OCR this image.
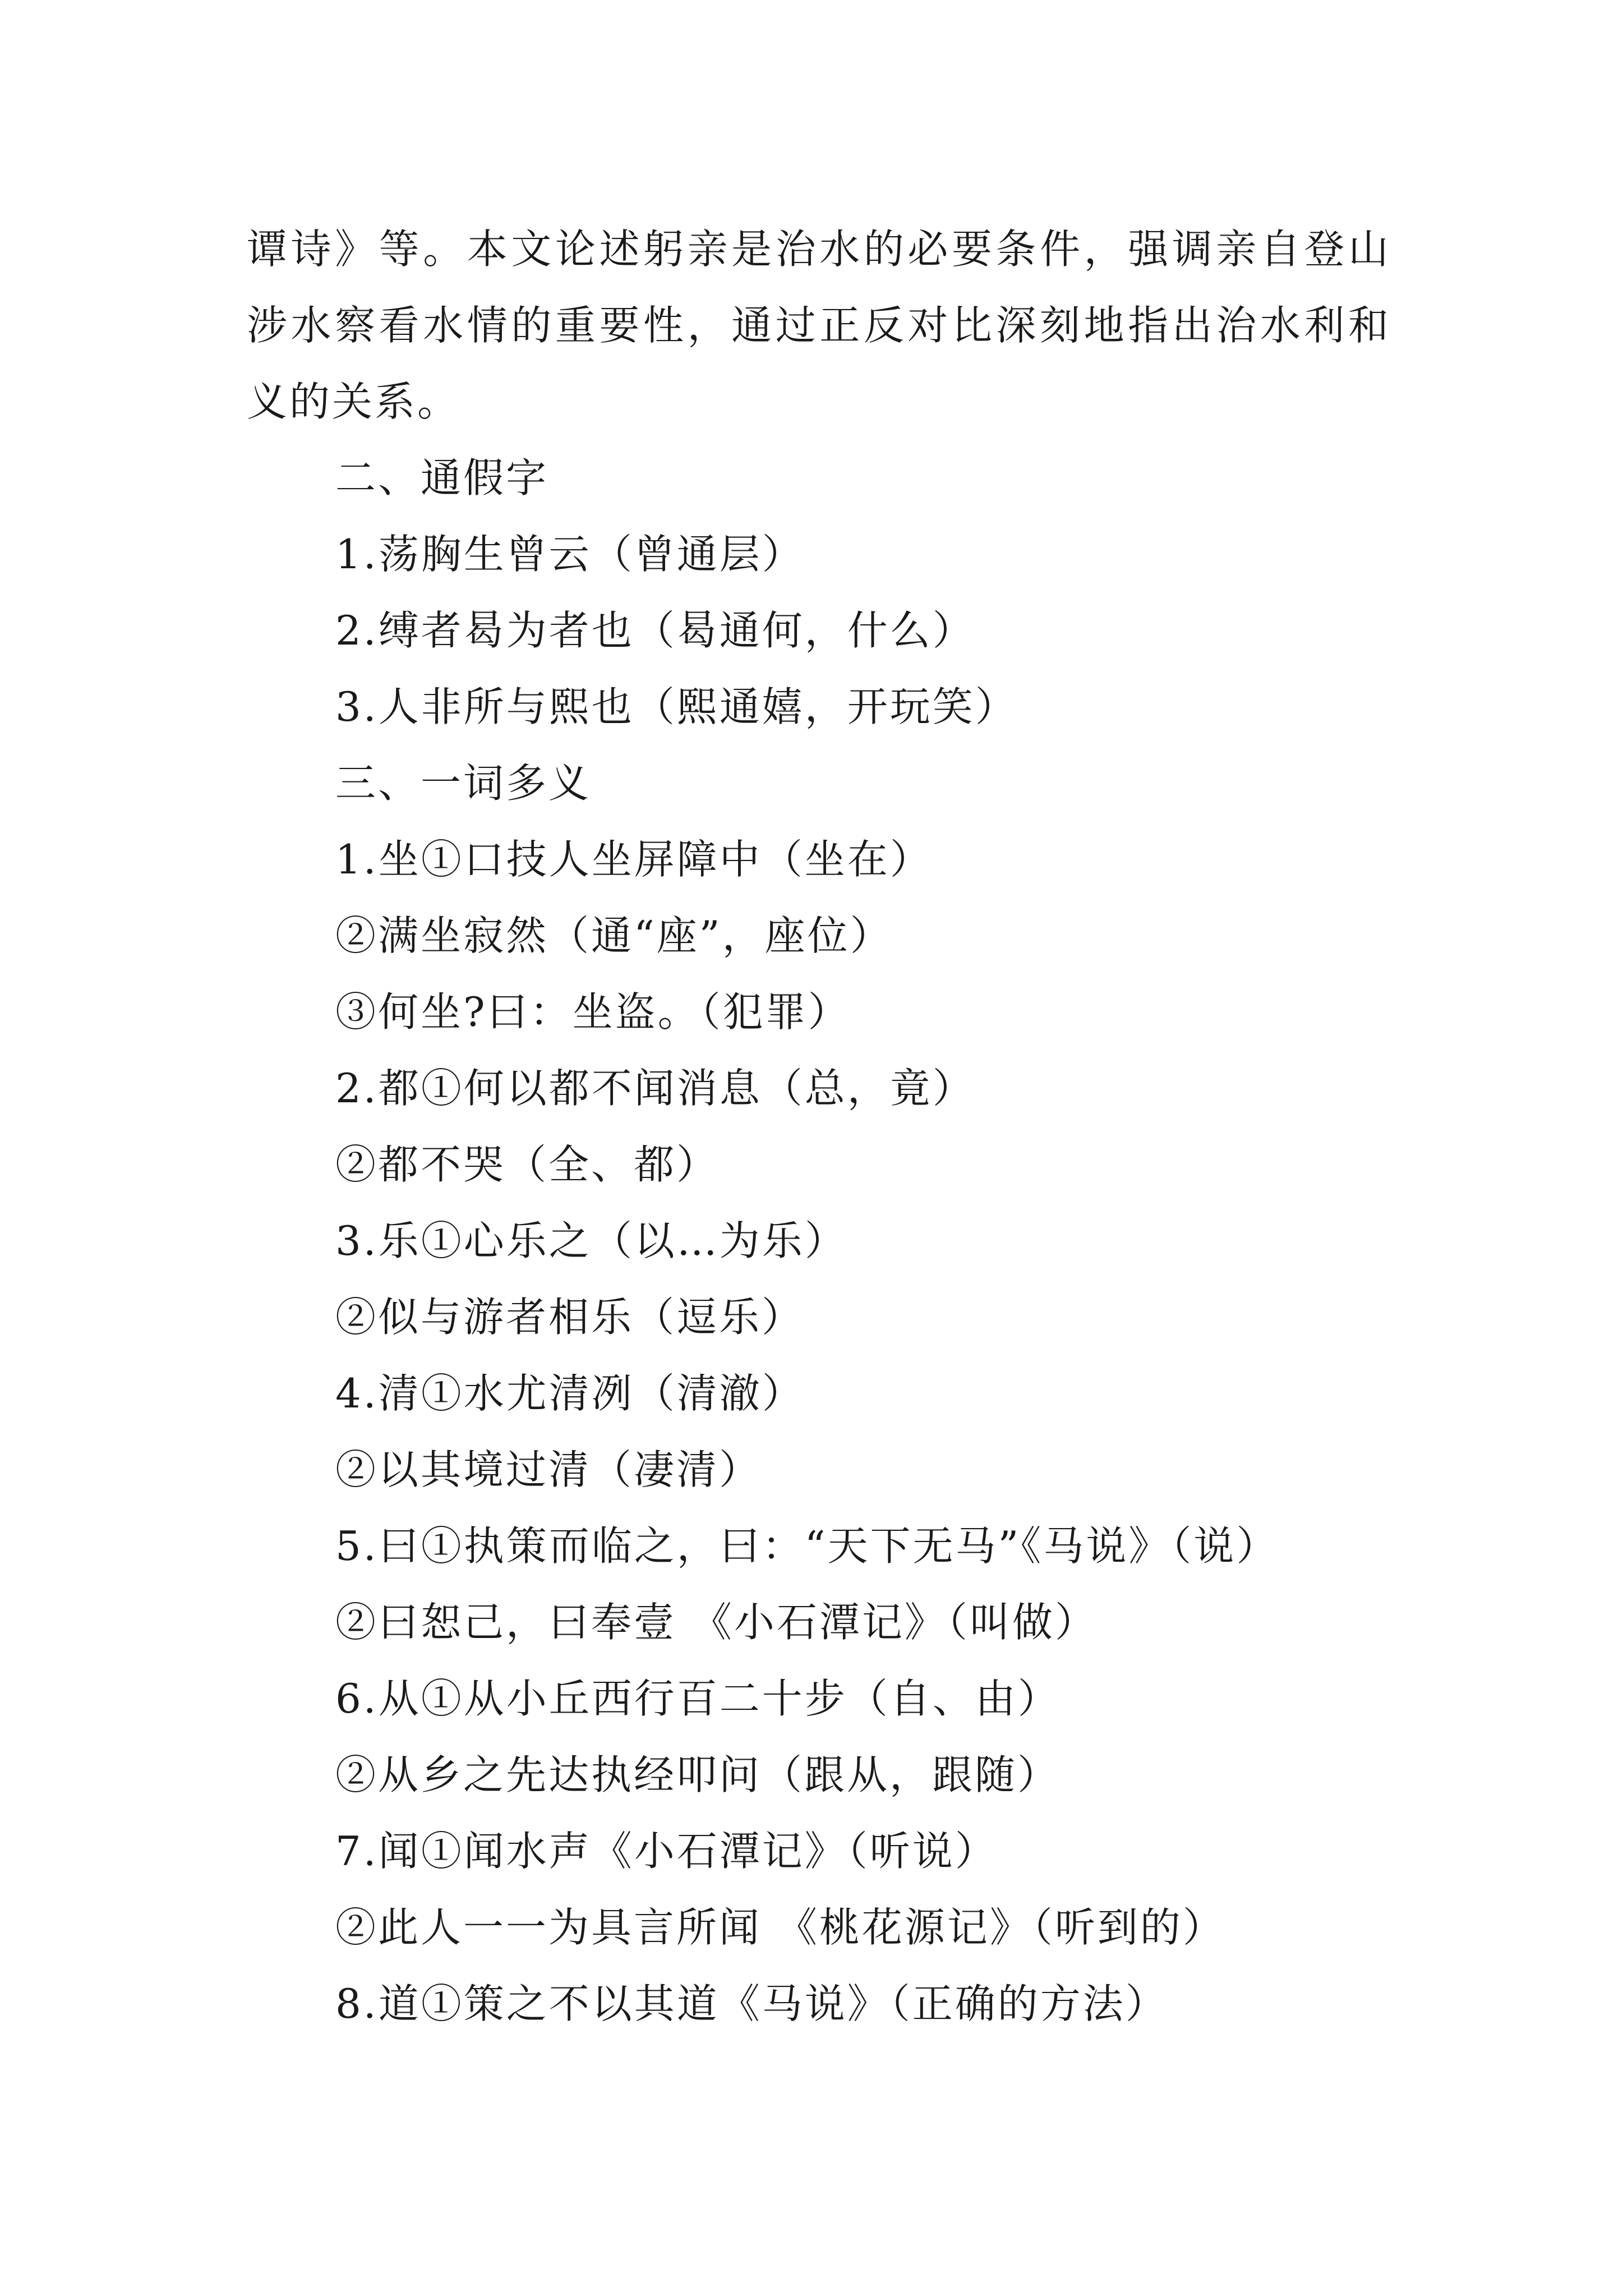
谭诗》等。本文论述躬亲是治水的必要条件，强调亲自登山涉水察看水情的重要性，通过正反对比深刻地指出治水利和义的关系。

二、通假字

1.荡胸生曾云（曾通层）

2.缚者曷为者也（曷通何，什么）

3.人非所与熙也（熙通嬉，开玩笑）

三、一词多义

1.坐①口技人坐屏障中（坐在）

②满坐寂然（通“座”，座位）

③何坐?曰：坐盗。（犯罪）

2.都①何以都不闻消息（总，竟）

②都不哭（全、都）

3.乐①心乐之（以…为乐）

②似与游者相乐（逗乐）

4.清①水尤清冽（清澈）

②以其境过清（凄清）

5.曰①执策而临之，曰：“天下无马”《马说》（说）

②曰恕己，曰奉壹 《小石潭记》（叫做）

6.从①从小丘西行百二十步（自、由）

②从乡之先达执经叩问（跟从，跟随）

7.闻①闻水声《小石潭记》（听说）

②此人一一为具言所闻 《桃花源记》（听到的）

8.道①策之不以其道《马说》（正确的方法）
